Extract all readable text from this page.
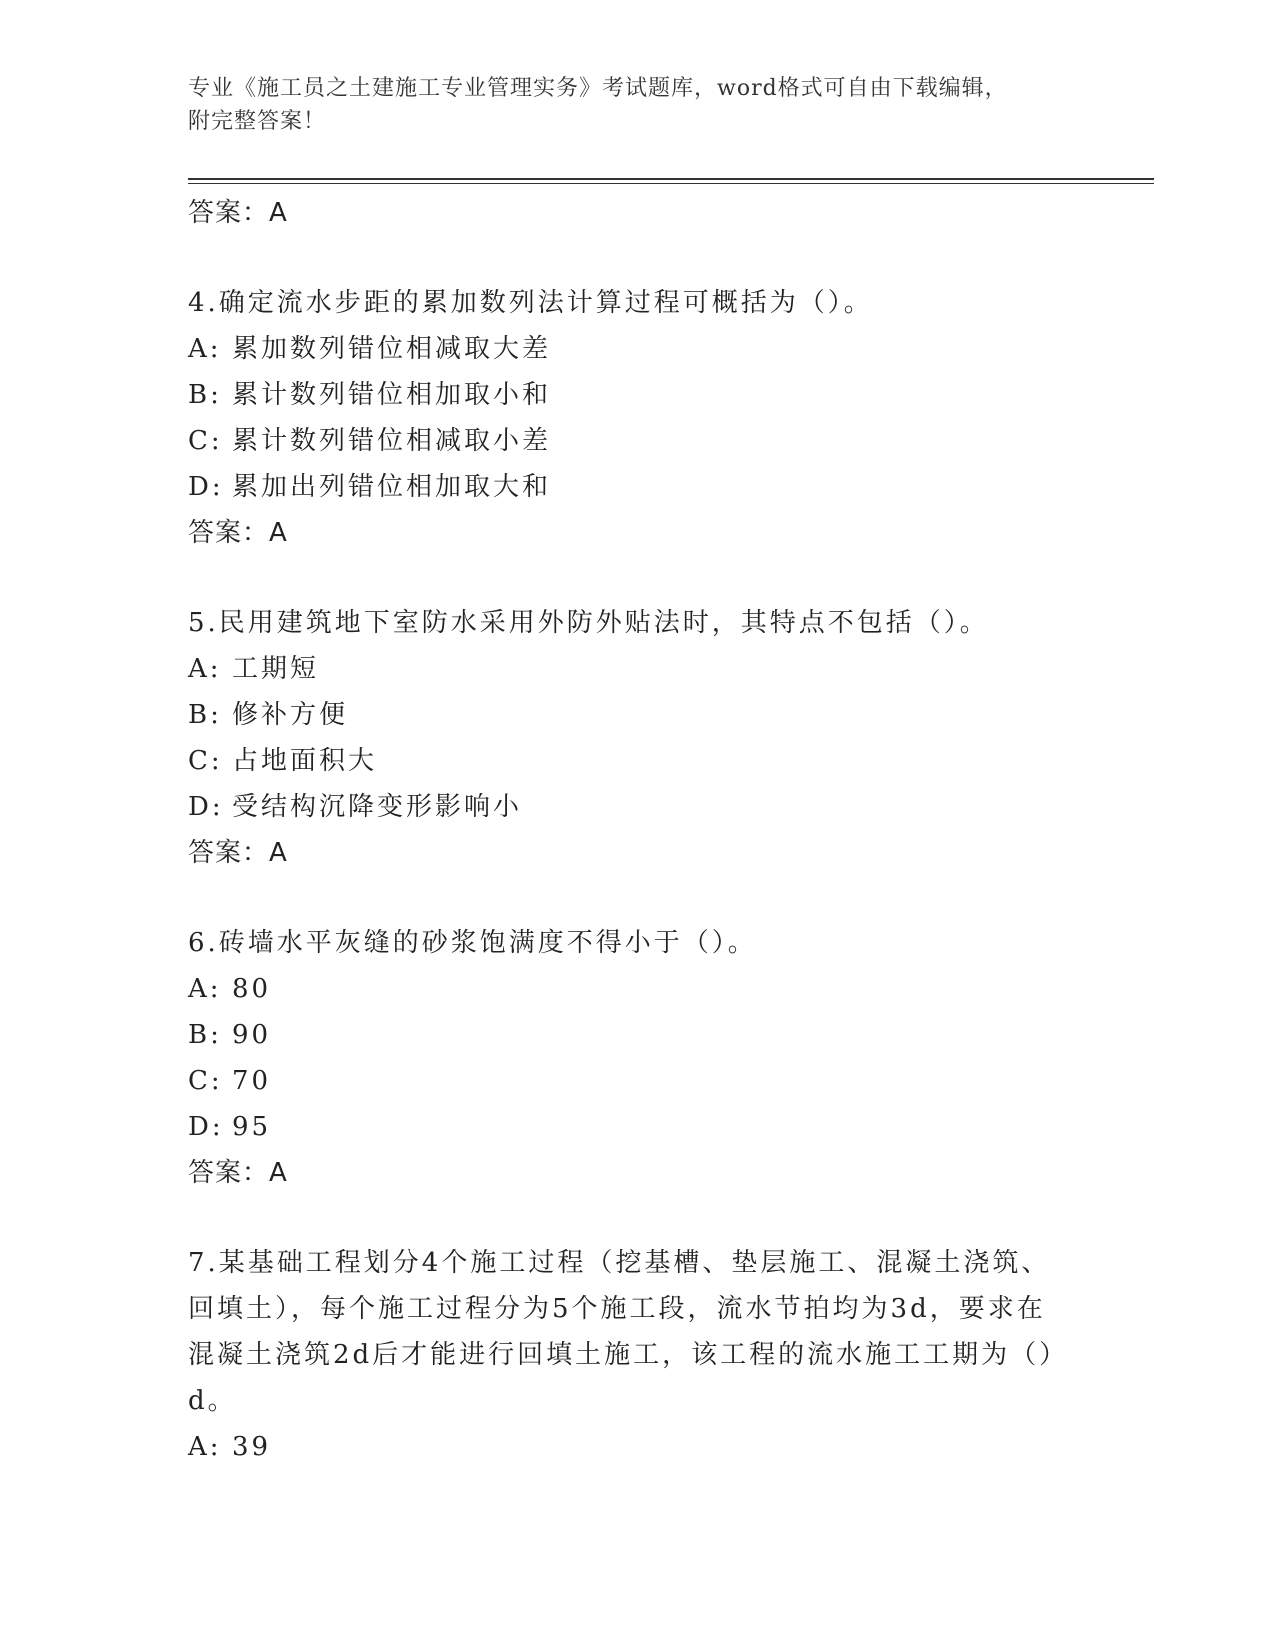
专业《施工员之土建施工专业管理实务》考试题库，word格式可自由下载编辑，
附完整答案！
答案：A
4.确定流水步距的累加数列法计算过程可概括为（）。
A: 累加数列错位相减取大差
B: 累计数列错位相加取小和
C: 累计数列错位相减取小差
D: 累加出列错位相加取大和
答案：A
5.民用建筑地下室防水采用外防外贴法时，其特点不包括（）。
A: 工期短
B: 修补方便
C: 占地面积大
D: 受结构沉降变形影响小
答案：A
6.砖墙水平灰缝的砂浆饱满度不得小于（）。
A: 80
B: 90
C: 70
D: 95
答案：A
7.某基础工程划分4个施工过程（挖基槽、垫层施工、混凝土浇筑、
回填土），每个施工过程分为5个施工段，流水节拍均为3d，要求在
混凝土浇筑2d后才能进行回填土施工，该工程的流水施工工期为（）
d。
A: 39
